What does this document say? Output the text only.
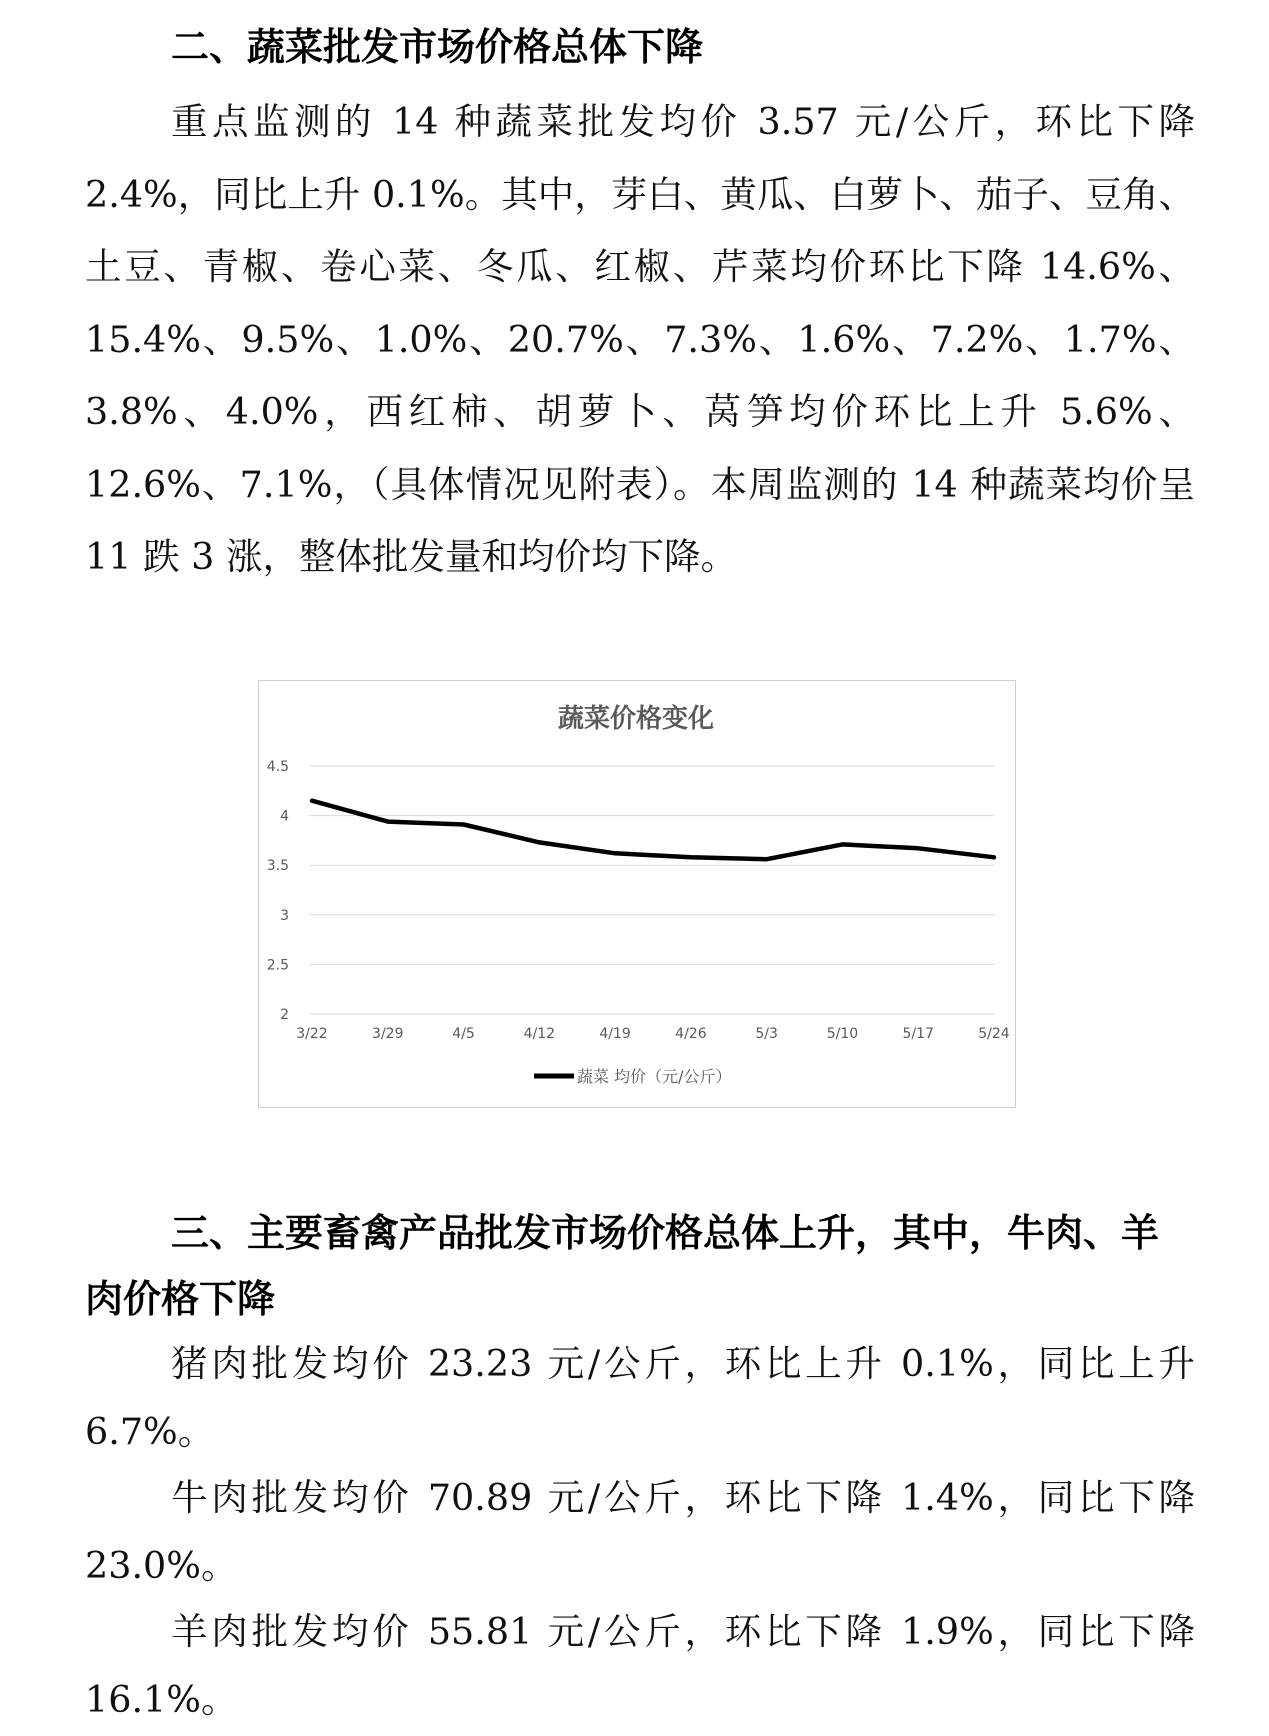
二、蔬菜批发市场价格总体下降

重点监测的 14 种蔬菜批发均价 3.57 元/公斤，环比下降 2.4%，同比上升 0.1%。其中，芽白、黄瓜、白萝卜、茄子、豆角、土豆、青椒、卷心菜、冬瓜、红椒、芹菜均价环比下降 14.6%、15.4%、9.5%、1.0%、20.7%、7.3%、1.6%、7.2%、1.7%、3.8%、4.0%，西红柿、胡萝卜、莴笋均价环比上升 5.6%、12.6%、7.1%，（具体情况见附表）。本周监测的 14 种蔬菜均价呈 11 跌 3 涨，整体批发量和均价均下降。

蔬菜价格变化
2
2.5
3
3.5
4
4.5
3/22	3/29	4/5	4/12	4/19	4/26	5/3	5/10	5/17	5/24
蔬菜 均价（元/公斤）
三、主要畜禽产品批发市场价格总体上升，其中，牛肉、羊肉价格下降

猪肉批发均价 23.23 元/公斤，环比上升 0.1%，同比上升 6.7%。

牛肉批发均价 70.89 元/公斤，环比下降 1.4%，同比下降 23.0%。

羊肉批发均价 55.81 元/公斤，环比下降 1.9%，同比下降 16.1%。
